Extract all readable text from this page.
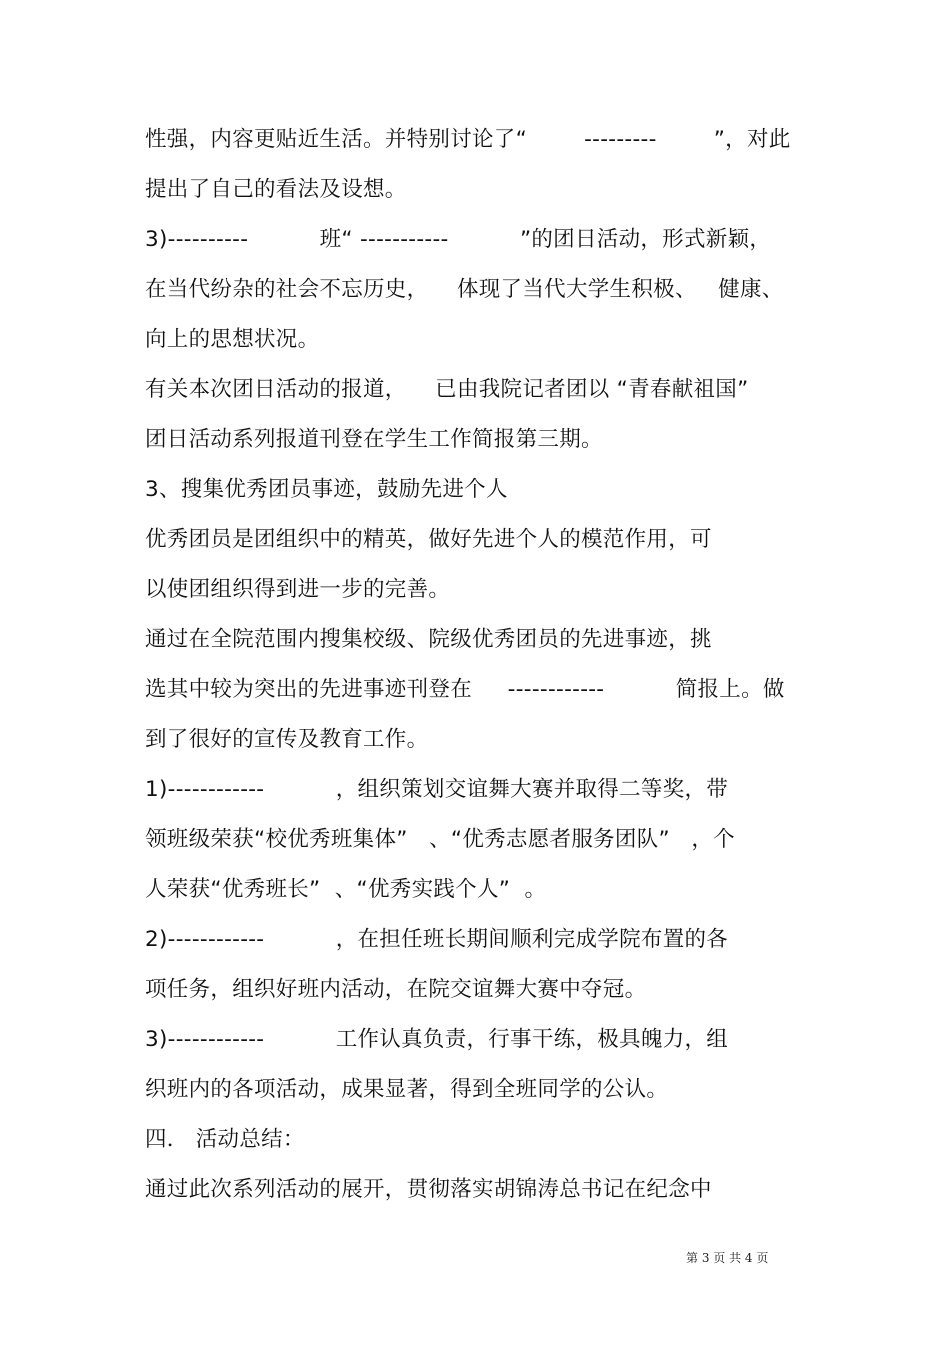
性强，内容更贴近生活。并特别讨论了“        ---------        ”，对此

提出了自己的看法及设想。

3)----------          班“ -----------          ”的团日活动，形式新颖，

在当代纷杂的社会不忘历史，    体现了当代大学生积极、   健康、

向上的思想状况。

有关本次团日活动的报道，    已由我院记者团以 “青春献祖国”

团日活动系列报道刊登在学生工作简报第三期。

3、搜集优秀团员事迹，鼓励先进个人

优秀团员是团组织中的精英，做好先进个人的模范作用，可

以使团组织得到进一步的完善。

通过在全院范围内搜集校级、院级优秀团员的先进事迹，挑

选其中较为突出的先进事迹刊登在     ------------          简报上。做

到了很好的宣传及教育工作。

1)------------          ，组织策划交谊舞大赛并取得二等奖，带

领班级荣获“校优秀班集体”   、“优秀志愿者服务团队”   ，个

人荣获“优秀班长”  、“优秀实践个人”  。

2)------------          ，在担任班长期间顺利完成学院布置的各

项任务，组织好班内活动，在院交谊舞大赛中夺冠。

3)------------          工作认真负责，行事干练，极具魄力，组

织班内的各项活动，成果显著，得到全班同学的公认。

四． 活动总结：

通过此次系列活动的展开，贯彻落实胡锦涛总书记在纪念中

第 3 页 共 4 页
